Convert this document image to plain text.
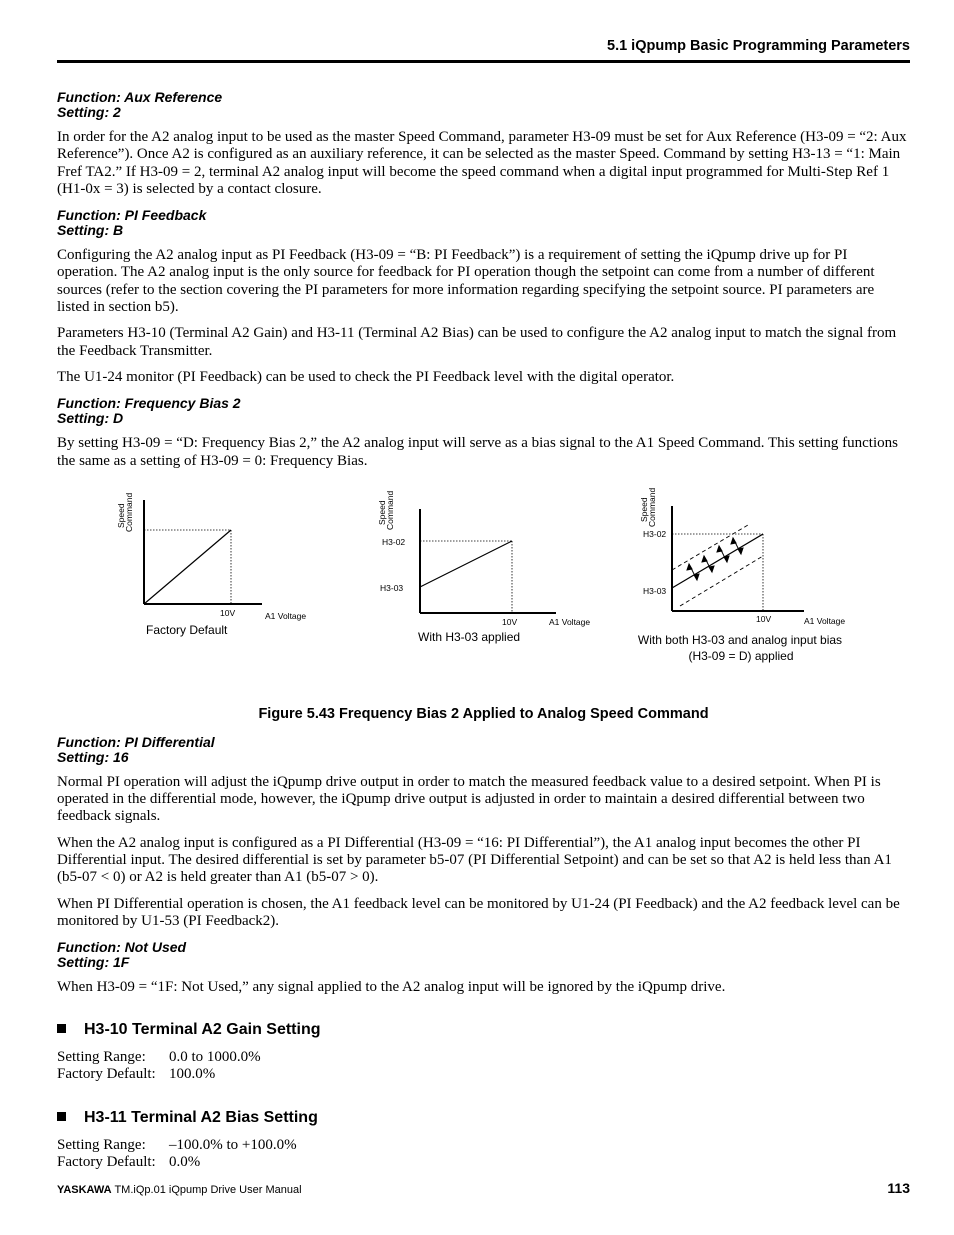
5.1 iQpump Basic Programming Parameters
Function: Aux Reference
Setting: 2

In order for the A2 analog input to be used as the master Speed Command, parameter H3-09 must be set for Aux Reference (H3-09 = “2: Aux Reference”). Once A2 is configured as an auxiliary reference, it can be selected as the master Speed. Command by setting H3-13 = “1: Main Fref TA2.” If H3-09 = 2, terminal A2 analog input will become the speed command when a digital input programmed for Multi-Step Ref 1 (H1-0x = 3) is selected by a contact closure.

Function: PI Feedback
Setting: B

Configuring the A2 analog input as PI Feedback (H3-09 = “B: PI Feedback”) is a requirement of setting the iQpump drive up for PI operation. The A2 analog input is the only source for feedback for PI operation though the setpoint can come from a number of different sources (refer to the section covering the PI parameters for more information regarding specifying the setpoint source. PI parameters are listed in section b5).

Parameters H3-10 (Terminal A2 Gain) and H3-11 (Terminal A2 Bias) can be used to configure the A2 analog input to match the signal from the Feedback Transmitter.

The U1-24 monitor (PI Feedback) can be used to check the PI Feedback level with the digital operator.

Function: Frequency Bias 2
Setting: D

By setting H3-09 = “D: Frequency Bias 2,” the A2 analog input will serve as a bias signal to the A1 Speed Command. This setting functions the same as a setting of H3-09 = 0: Frequency Bias.

Speed
Command
10V	A1 Voltage
Factory Default
Speed
Command
H3-02
H3-03
10V	A1 Voltage
With H3-03 applied
Speed
Command
H3-02
H3-03
10V	A1 Voltage
With both H3-03 and analog input bias
(H3-09 = D) applied
Figure 5.43 Frequency Bias 2 Applied to Analog Speed Command
Function: PI Differential
Setting: 16

Normal PI operation will adjust the iQpump drive output in order to match the measured feedback value to a desired setpoint. When PI is operated in the differential mode, however, the iQpump drive output is adjusted in order to maintain a desired differential between two feedback signals.

When the A2 analog input is configured as a PI Differential (H3-09 = “16: PI Differential”), the A1 analog input becomes the other PI Differential input. The desired differential is set by parameter b5-07 (PI Differential Setpoint) and can be set so that A2 is held less than A1 (b5-07 < 0) or A2 is held greater than A1 (b5-07 > 0).

When PI Differential operation is chosen, the A1 feedback level can be monitored by U1-24 (PI Feedback) and the A2 feedback level can be monitored by U1-53 (PI Feedback2).

Function: Not Used
Setting: 1F

When H3-09 = “1F: Not Used,” any signal applied to the A2 analog input will be ignored by the iQpump drive.

H3-10 Terminal A2 Gain Setting
Setting Range:	0.0 to 1000.0%
Factory Default: 100.0%
H3-11 Terminal A2 Bias Setting
Setting Range:	–100.0% to +100.0%
Factory Default: 0.0%
YASKAWA TM.iQp.01 iQpump Drive User Manual	113
